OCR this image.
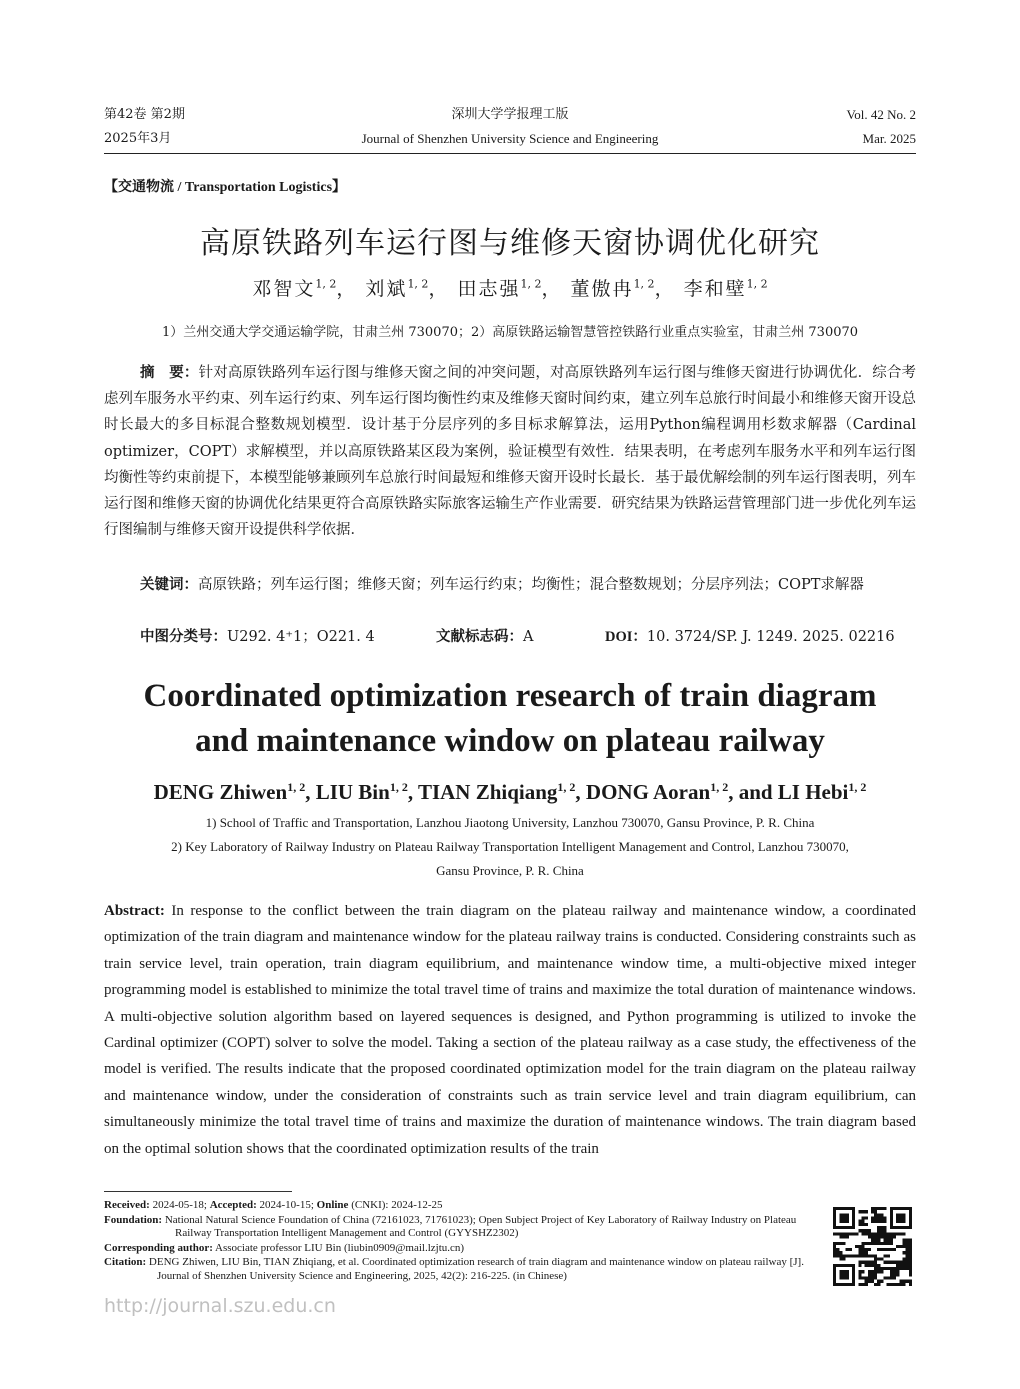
第42卷 第2期
2025年3月
深圳大学学报理工版
Journal of Shenzhen University Science and Engineering
Vol. 42 No. 2
Mar. 2025
【交通物流 / Transportation Logistics】
高原铁路列车运行图与维修天窗协调优化研究
邓智文$^{1, 2}$， 刘斌$^{1, 2}$， 田志强$^{1, 2}$， 董傲冉$^{1, 2}$， 李和壁$^{1, 2}$
1）兰州交通大学交通运输学院，甘肃兰州 730070；2）高原铁路运输智慧管控铁路行业重点实验室，甘肃兰州 730070
摘　要：针对高原铁路列车运行图与维修天窗之间的冲突问题，对高原铁路列车运行图与维修天窗进行协调优化．综合考虑列车服务水平约束、列车运行约束、列车运行图均衡性约束及维修天窗时间约束，建立列车总旅行时间最小和维修天窗开设总时长最大的多目标混合整数规划模型．设计基于分层序列的多目标求解算法，运用Python编程调用杉数求解器（Cardinal optimizer，COPT）求解模型，并以高原铁路某区段为案例，验证模型有效性．结果表明，在考虑列车服务水平和列车运行图均衡性等约束前提下，本模型能够兼顾列车总旅行时间最短和维修天窗开设时长最长．基于最优解绘制的列车运行图表明，列车运行图和维修天窗的协调优化结果更符合高原铁路实际旅客运输生产作业需要．研究结果为铁路运营管理部门进一步优化列车运行图编制与维修天窗开设提供科学依据．
关键词：高原铁路；列车运行图；维修天窗；列车运行约束；均衡性；混合整数规划；分层序列法；COPT求解器
中图分类号：U292. 4⁺1；O221. 4	文献标志码：A	DOI：10. 3724/SP. J. 1249. 2025. 02216
Coordinated optimization research of train diagram
and maintenance window on plateau railway
DENG Zhiwen$^{1, 2}$, LIU Bin$^{1, 2}$, TIAN Zhiqiang$^{1, 2}$, DONG Aoran$^{1, 2}$, and LI Hebi$^{1, 2}$
1) School of Traffic and Transportation, Lanzhou Jiaotong University, Lanzhou 730070, Gansu Province, P. R. China
2) Key Laboratory of Railway Industry on Plateau Railway Transportation Intelligent Management and Control, Lanzhou 730070,
Gansu Province, P. R. China
Abstract: In response to the conflict between the train diagram on the plateau railway and maintenance window, a coordinated optimization of the train diagram and maintenance window for the plateau railway trains is conducted. Considering constraints such as train service level, train operation, train diagram equilibrium, and maintenance window time, a multi-objective mixed integer programming model is established to minimize the total travel time of trains and maximize the total duration of maintenance windows. A multi-objective solution algorithm based on layered sequences is designed, and Python programming is utilized to invoke the Cardinal optimizer (COPT) solver to solve the model. Taking a section of the plateau railway as a case study, the effectiveness of the model is verified. The results indicate that the proposed coordinated optimization model for the train diagram on the plateau railway and maintenance window, under the consideration of constraints such as train service level and train diagram equilibrium, can simultaneously minimize the total travel time of trains and maximize the duration of maintenance windows. The train diagram based on the optimal solution shows that the coordinated optimization results of the train

Received: 2024-05-18; Accepted: 2024-10-15; Online (CNKI): 2024-12-25

Foundation: National Natural Science Foundation of China (72161023, 71761023); Open Subject Project of Key Laboratory of Railway Industry on Plateau Railway Transportation Intelligent Management and Control (GYYSHZ2302)

Corresponding author: Associate professor LIU Bin (liubin0909@mail.lzjtu.cn)

Citation: DENG Zhiwen, LIU Bin, TIAN Zhiqiang, et al. Coordinated optimization research of train diagram and maintenance window on plateau railway [J]. Journal of Shenzhen University Science and Engineering, 2025, 42(2): 216-225. (in Chinese)

http://journal.szu.edu.cn
